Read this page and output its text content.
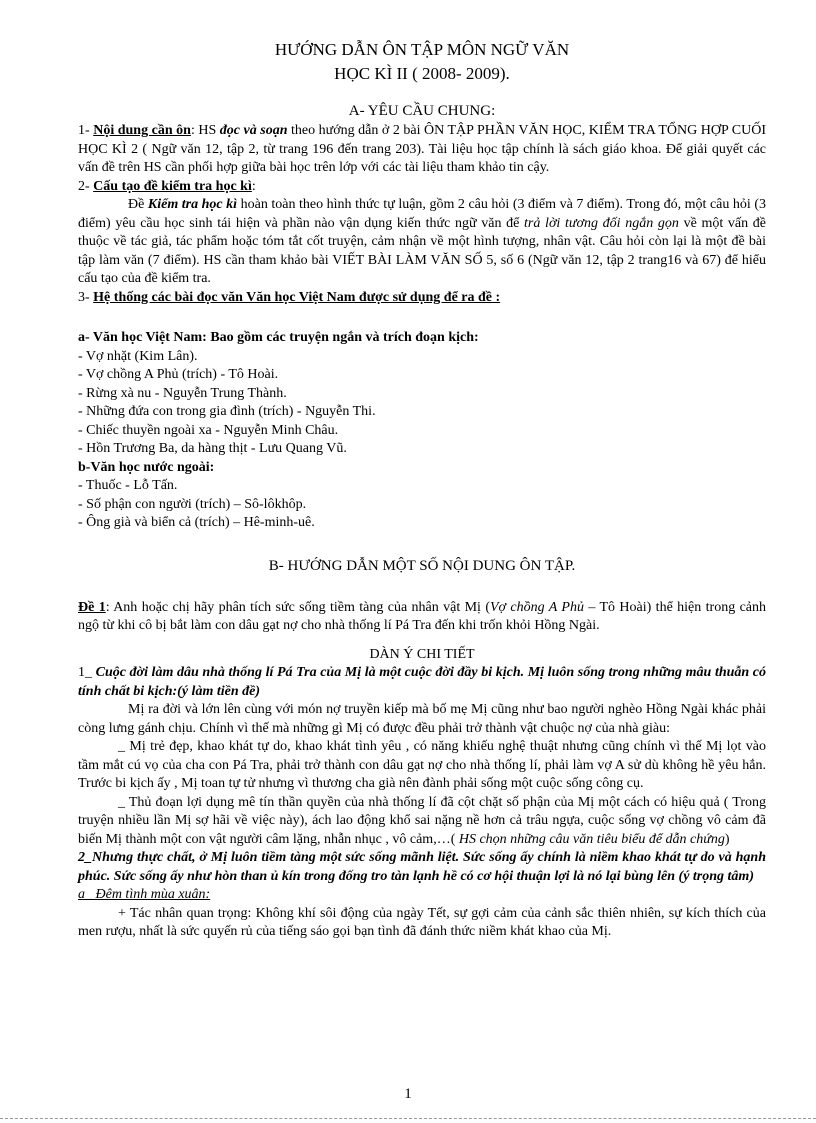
HƯỚNG DẪN ÔN TẬP MÔN NGỮ VĂN
HỌC KÌ II ( 2008- 2009).
A- YÊU CẦU CHUNG:

1- Nội dung cần ôn: HS đọc và soạn theo hướng dẫn ở 2 bài ÔN TẬP PHẦN VĂN HỌC, KIỂM TRA TỔNG HỢP CUỐI HỌC KÌ 2 ( Ngữ văn 12, tập 2, từ trang 196 đến trang 203). Tài liệu học tập chính là sách giáo khoa. Để giải quyết các vấn đề trên HS cần phối hợp giữa bài học trên lớp với các tài liệu tham khảo tin cậy.

2- Cấu tạo đề kiểm tra học kì:

Đề Kiểm tra học kì hoàn toàn theo hình thức tự luận, gồm 2 câu hỏi (3 điểm và 7 điểm). Trong đó, một câu hỏi (3 điểm) yêu cầu học sinh tái hiện và phần nào vận dụng kiến thức ngữ văn để trả lời tương đối ngắn gọn về một vấn đề thuộc về tác giả, tác phẩm hoặc tóm tắt cốt truyện, cảm nhận về một hình tượng, nhân vật. Câu hỏi còn lại là một đề bài tập làm văn (7 điểm). HS cần tham khảo bài VIẾT BÀI LÀM VĂN SỐ 5, số 6 (Ngữ văn 12, tập 2 trang16 và 67) để hiểu cấu tạo của đề kiểm tra.

3- Hệ thống các bài đọc văn Văn học Việt Nam được sử dụng để ra đề :

a- Văn học Việt Nam: Bao gồm các truyện ngắn và trích đoạn kịch:
- Vợ nhặt (Kim Lân).
- Vợ chồng A Phủ (trích) - Tô Hoài.
- Rừng xà nu - Nguyễn Trung Thành.
- Những đứa con trong gia đình (trích) - Nguyễn Thi.
- Chiếc thuyền ngoài xa - Nguyễn Minh Châu.
- Hồn Trương Ba, da hàng thịt - Lưu Quang Vũ.
b-Văn học nước ngoài:
- Thuốc - Lỗ Tấn.
- Số phận con người (trích) – Sô-lôkhôp.
- Ông già và biển cả (trích) – Hê-minh-uê.
B- HƯỚNG DẪN MỘT SỐ NỘI DUNG ÔN TẬP.

Đề 1: Anh hoặc chị hãy phân tích sức sống tiềm tàng của nhân vật Mị (Vợ chồng A Phủ – Tô Hoài) thể hiện trong cảnh ngộ từ khi cô bị bắt làm con dâu gạt nợ cho nhà thống lí Pá Tra đến khi trốn khỏi Hồng Ngài.

DÀN Ý CHI TIẾT

1_ Cuộc đời làm dâu nhà thống lí Pá Tra của Mị là một cuộc đời đầy bi kịch. Mị luôn sống trong những mâu thuẫn có tính chất bi kịch:(ý làm tiền đề)

Mị ra đời và lớn lên cùng với món nợ truyền kiếp mà bố mẹ Mị cũng như bao người nghèo Hồng Ngài khác phải còng lưng gánh chịu. Chính vì thế mà những gì Mị có được đều phải trở thành vật chuộc nợ của nhà giàu:

_ Mị trẻ đẹp, khao khát tự do, khao khát tình yêu , có năng khiếu nghệ thuật nhưng cũng chính vì thế Mị lọt vào tầm mắt cú vọ của cha con Pá Tra, phải trở thành con dâu gạt nợ cho nhà thống lí, phải làm vợ A sử dù không hề yêu hắn. Trước bi kịch ấy , Mị toan tự tử nhưng vì thương cha già nên đành phải sống một cuộc sống công cụ.

_ Thủ đoạn lợi dụng mê tín thần quyền của nhà thống lí đã cột chặt số phận của Mị một cách có hiệu quả ( Trong truyện nhiều lần Mị sợ hãi về việc này), ách lao động khổ sai nặng nề hơn cả trâu ngựa, cuộc sống vợ chồng vô cảm đã biến Mị thành một con vật người câm lặng, nhẫn nhục , vô cảm,…( HS chọn những câu văn tiêu biểu để dẫn chứng)

2_Nhưng thực chất, ở Mị luôn tiềm tàng một sức sống mãnh liệt. Sức sống ấy chính là niềm khao khát tự do và hạnh phúc. Sức sống ấy như hòn than ủ kín trong đống tro tàn lạnh hề có cơ hội thuận lợi là nó lại bùng lên (ý trọng tâm)

a_ Đêm tình mùa xuân:

+ Tác nhân quan trọng: Không khí sôi động của ngày Tết, sự gợi cảm của cảnh sắc thiên nhiên, sự kích thích của men rượu, nhất là sức quyến rủ của tiếng sáo gọi bạn tình đã đánh thức niềm khát khao của Mị.

1
